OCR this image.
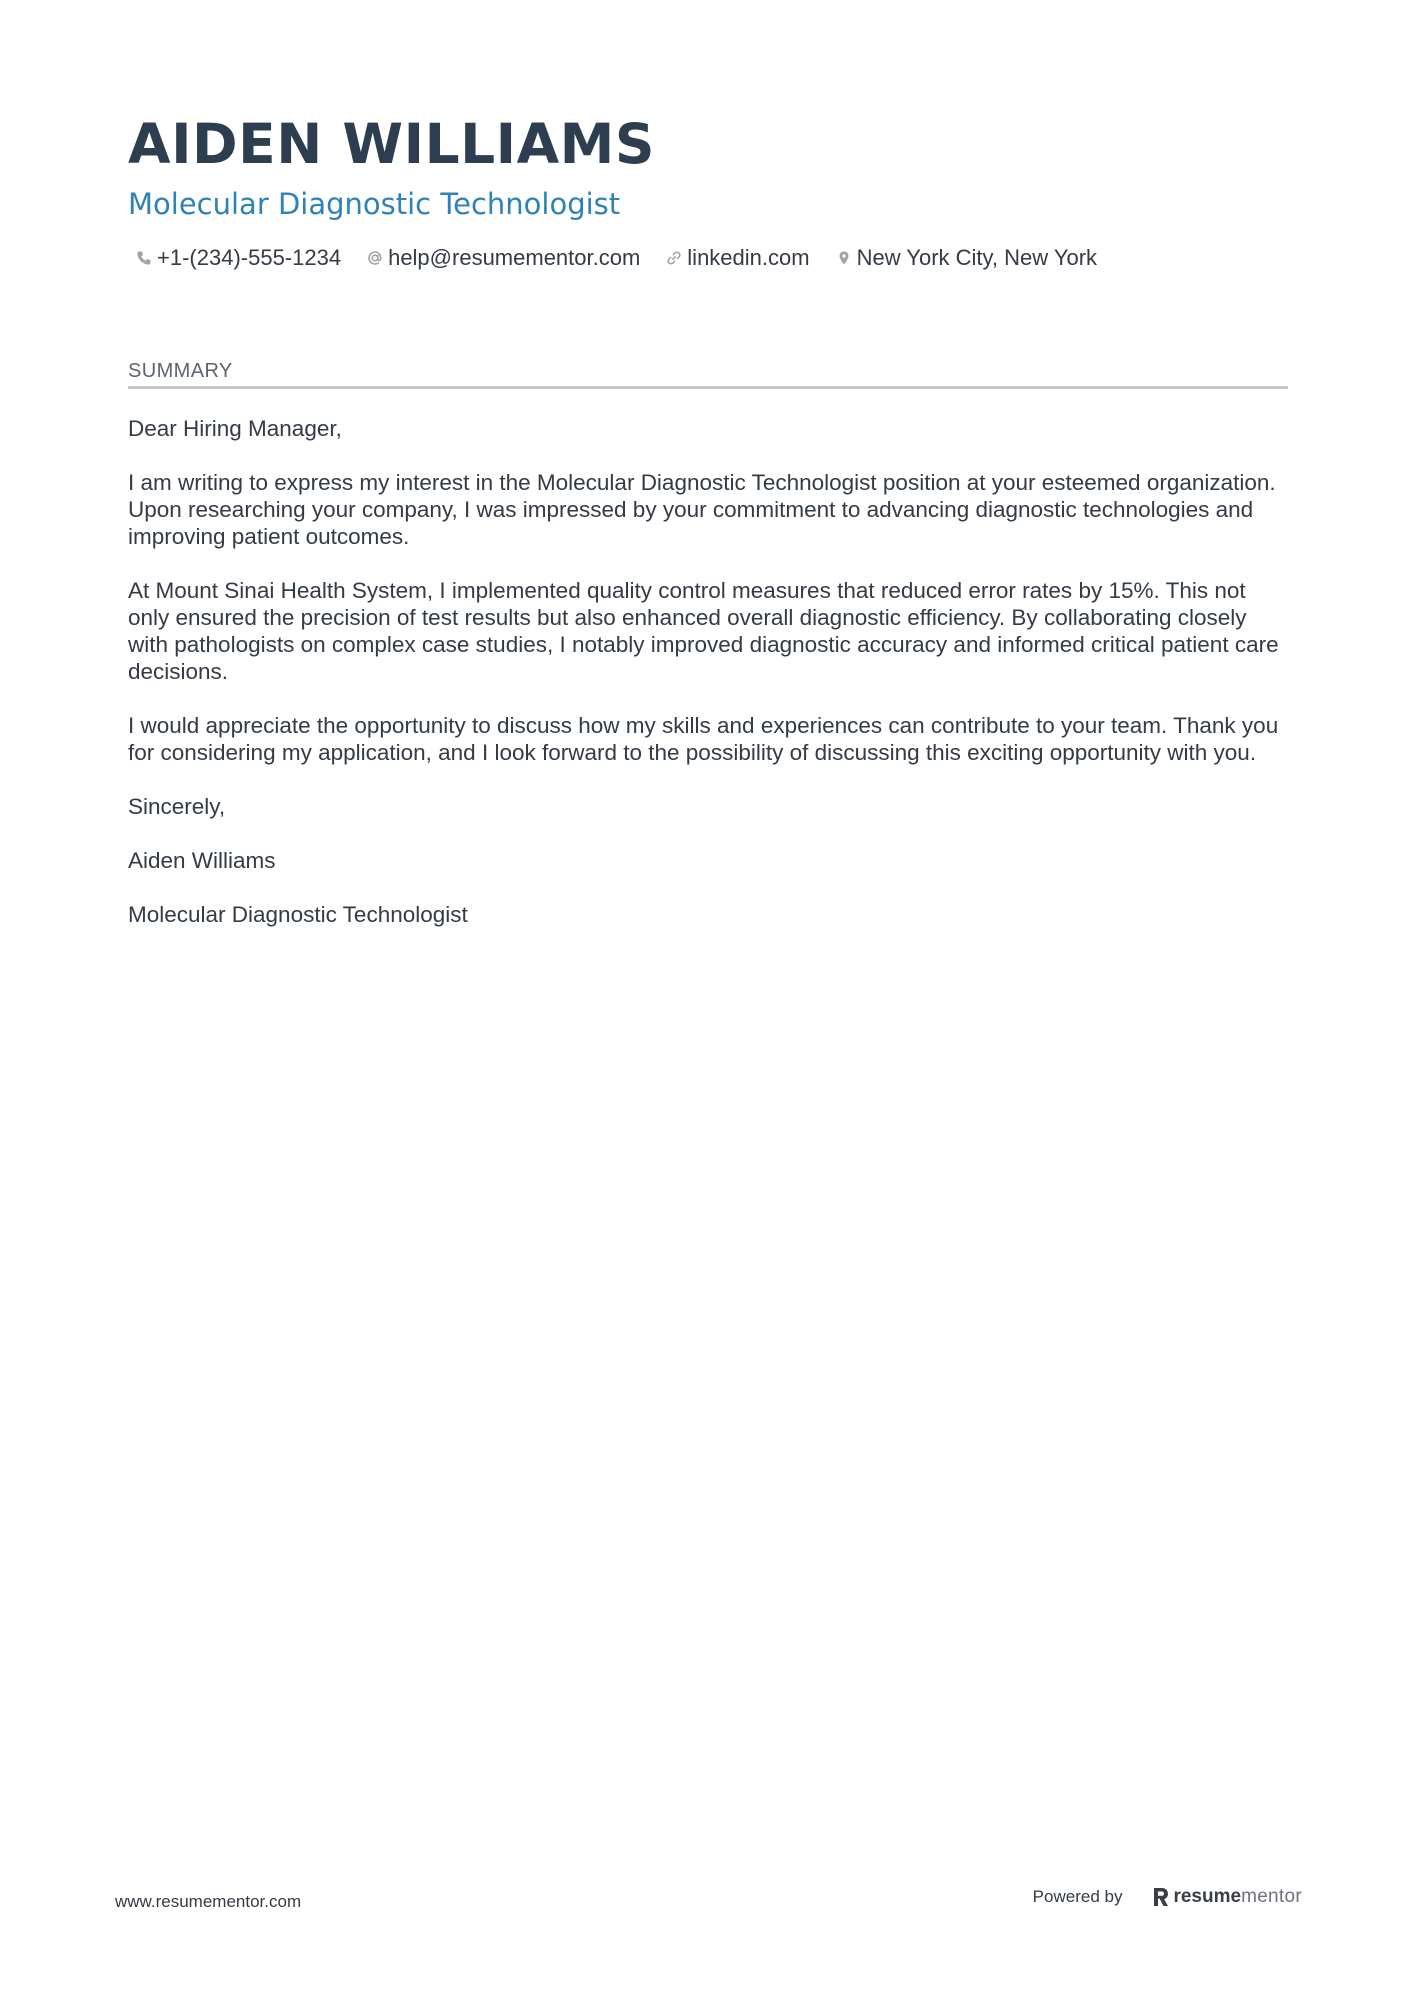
AIDEN WILLIAMS
Molecular Diagnostic Technologist
+1-(234)-555-1234 help@resumementor.com linkedin.com New York City, New York
SUMMARY

Dear Hiring Manager,

I am writing to express my interest in the Molecular Diagnostic Technologist position at your esteemed organization. Upon researching your company, I was impressed by your commitment to advancing diagnostic technologies and improving patient outcomes.

At Mount Sinai Health System, I implemented quality control measures that reduced error rates by 15%. This not only ensured the precision of test results but also enhanced overall diagnostic efficiency. By collaborating closely with pathologists on complex case studies, I notably improved diagnostic accuracy and informed critical patient care decisions.

I would appreciate the opportunity to discuss how my skills and experiences can contribute to your team. Thank you for considering my application, and I look forward to the possibility of discussing this exciting opportunity with you.

Sincerely,

Aiden Williams

Molecular Diagnostic Technologist

www.resumementor.com	Powered by	resume mentor
